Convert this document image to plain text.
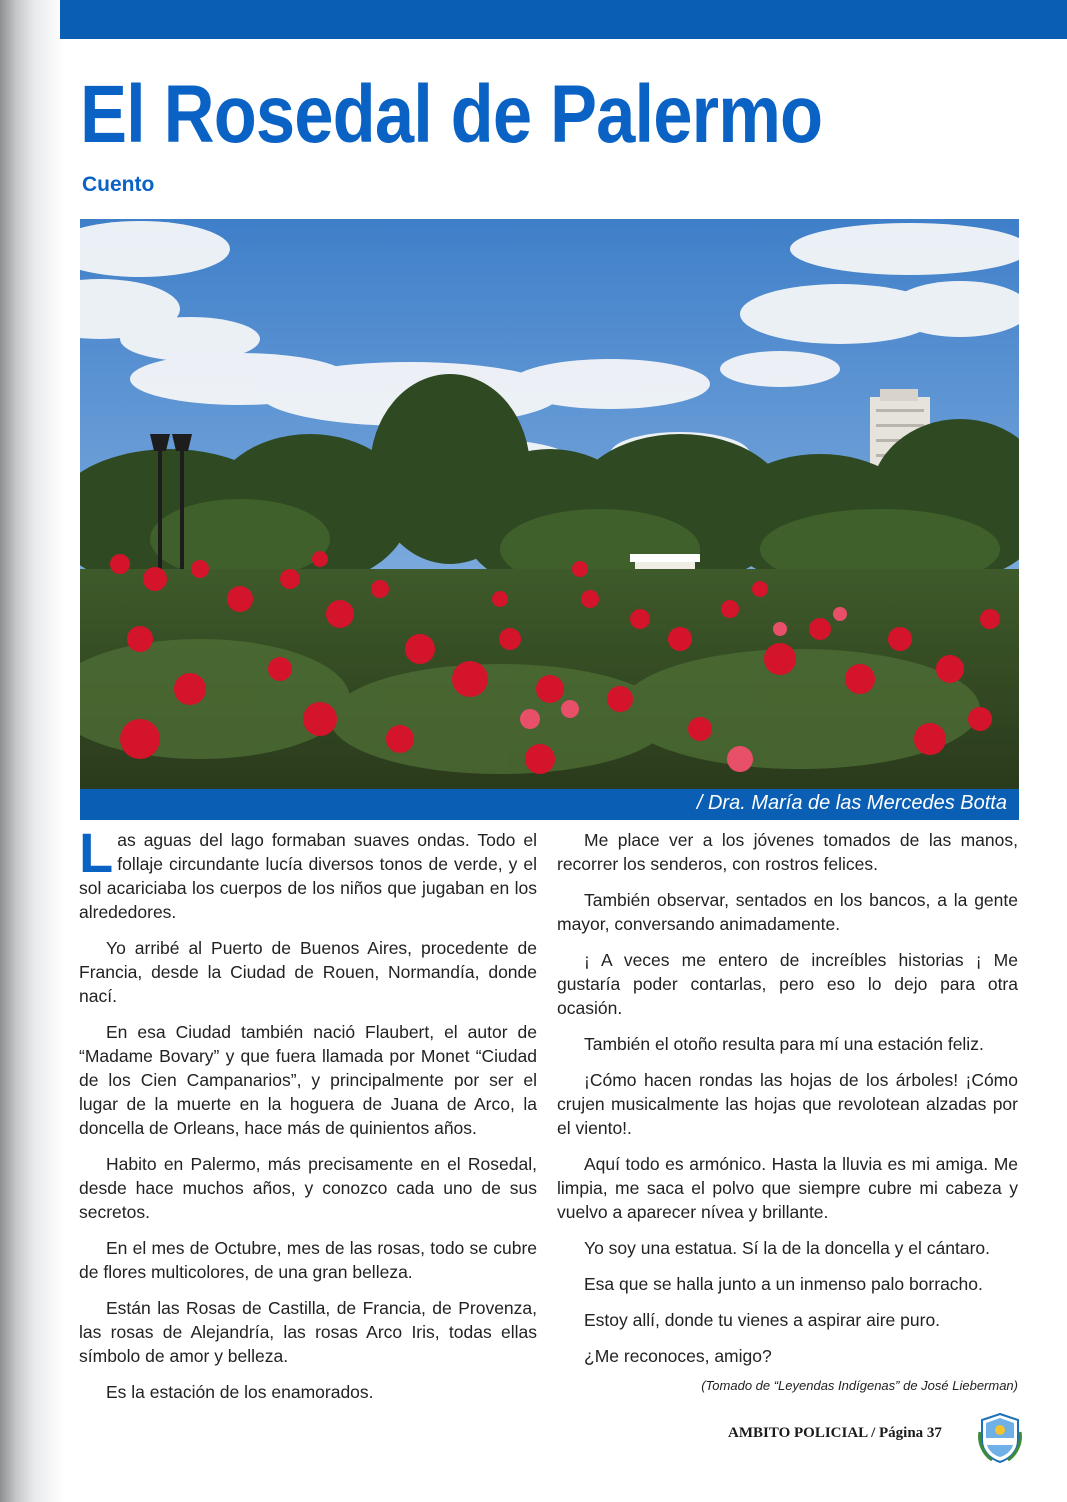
El Rosedal de Palermo
Cuento
/ Dra. María de las Mercedes Botta

Las aguas del lago formaban suaves ondas. Todo el follaje circundante lucía diversos tonos de verde, y el sol acariciaba los cuerpos de los niños que jugaban en los alrededores.

Yo arribé al Puerto de Buenos Aires, procedente de Francia, desde la Ciudad de Rouen, Normandía, donde nací.

En esa Ciudad también nació Flaubert, el autor de “Madame Bovary” y que fuera llamada por Monet “Ciudad de los Cien Campanarios”, y principalmente por ser el lugar de la muerte en la hoguera de Juana de Arco, la doncella de Orleans, hace más de quinientos años.

Habito en Palermo, más precisamente en el Rosedal, desde hace muchos años, y conozco cada uno de sus secretos.

En el mes de Octubre, mes de las rosas, todo se cubre de flores multicolores, de una gran belleza.

Están las Rosas de Castilla, de Francia, de Provenza, las rosas de Alejandría, las rosas Arco Iris, todas ellas símbolo de amor y belleza.

Es la estación de los enamorados.

Me place ver a los jóvenes tomados de las manos, recorrer los senderos, con rostros felices.

También observar, sentados en los bancos, a la gente mayor, conversando animadamente.

¡ A veces me entero de increíbles historias ¡ Me gustaría poder contarlas, pero eso lo dejo para otra ocasión.

También el otoño resulta para mí una estación feliz.

¡Cómo hacen rondas las hojas de los árboles! ¡Cómo crujen musicalmente las hojas que revolotean alzadas por el viento!.

Aquí todo es armónico. Hasta la lluvia es mi amiga. Me limpia, me saca el polvo que siempre cubre mi cabeza y vuelvo a aparecer nívea y brillante.

Yo soy una estatua. Sí la de la doncella y el cántaro.

Esa que se halla junto a un inmenso palo borracho.

Estoy allí, donde tu vienes a aspirar aire puro.

¿Me reconoces, amigo?

(Tomado de “Leyendas Indígenas” de José Lieberman)

AMBITO POLICIAL / Página 37
